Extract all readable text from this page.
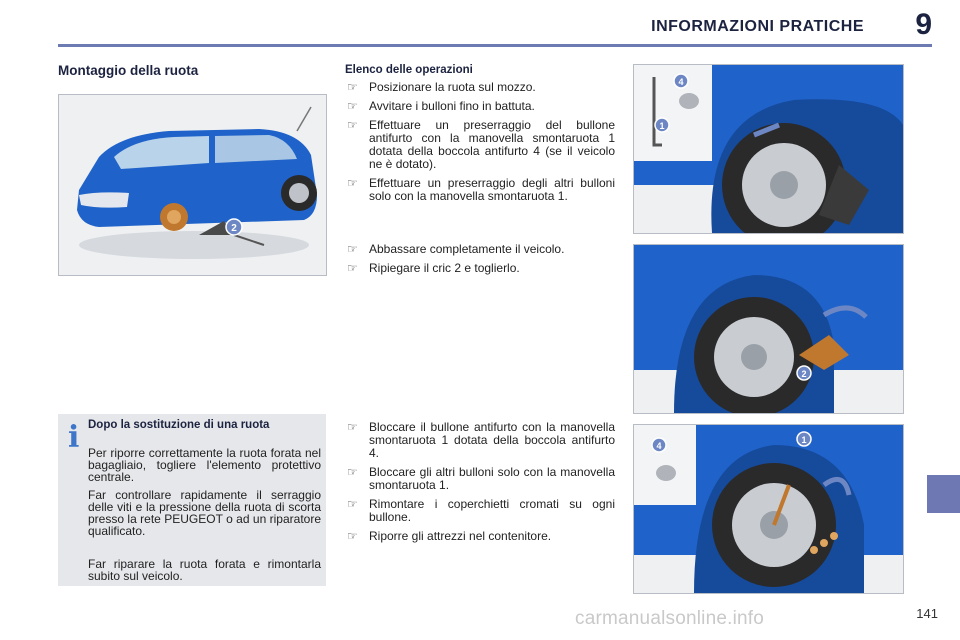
INFORMAZIONI PRATICHE 9
Montaggio della ruota
2
Elenco delle operazioni
☞ Posizionare la ruota sul mozzo.
☞ Avvitare i bulloni fino in battuta.
☞ Effettuare un preserraggio del bullone antifurto con la manovella smontaruota 1 dotata della boccola antifurto 4 (se il veicolo ne è dotato).
☞ Effettuare un preserraggio degli altri bulloni solo con la manovella smontaruota 1.
☞ Abbassare completamente il veicolo.
☞ Ripiegare il cric 2 e toglierlo.
☞ Bloccare il bullone antifurto con la manovella smontaruota 1 dotata della boccola antifurto 4.
☞ Bloccare gli altri bulloni solo con la manovella smontaruota 1.
☞ Rimontare i coperchietti cromati su ogni bullone.
☞ Riporre gli attrezzi nel contenitore.
4
1
2
4
1
i Dopo la sostituzione di una ruota
Per riporre correttamente la ruota forata nel bagagliaio, togliere l'elemento protettivo centrale.
Far controllare rapidamente il serraggio delle viti e la pressione della ruota di scorta presso la rete PEUGEOT o ad un riparatore qualificato.
Far riparare la ruota forata e rimontarla subito sul veicolo.
carmanualsonline.info	141
